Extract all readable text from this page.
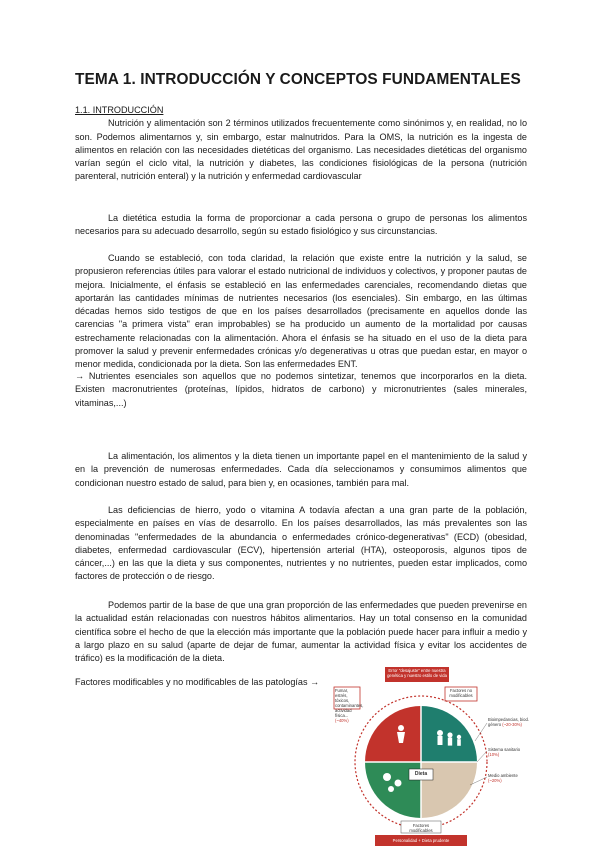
TEMA 1. INTRODUCCIÓN Y CONCEPTOS FUNDAMENTALES
1.1. INTRODUCCIÓN
Nutrición y alimentación son 2 términos utilizados frecuentemente como sinónimos y, en realidad, no lo son. Podemos alimentarnos y, sin embargo, estar malnutridos. Para la OMS, la nutrición es la ingesta de alimentos en relación con las necesidades dietéticas del organismo. Las necesidades dietéticas del organismo varían según el ciclo vital, la nutrición y diabetes, las condiciones fisiológicas de la persona (nutrición parenteral, nutrición enteral) y la nutrición y enfermedad cardiovascular
La dietética estudia la forma de proporcionar a cada persona o grupo de personas los alimentos necesarios para su adecuado desarrollo, según su estado fisiológico y sus circunstancias.
Cuando se estableció, con toda claridad, la relación que existe entre la nutrición y la salud, se propusieron referencias útiles para valorar el estado nutricional de individuos y colectivos, y proponer pautas de mejora. Inicialmente, el énfasis se estableció en las enfermedades carenciales, recomendando dietas que aportarán las cantidades mínimas de nutrientes necesarios (los esenciales). Sin embargo, en las últimas décadas hemos sido testigos de que en los países desarrollados (precisamente en aquellos donde las carencias "a primera vista" eran improbables) se ha producido un aumento de la mortalidad por causas estrechamente relacionadas con la alimentación. Ahora el énfasis se ha situado en el uso de la dieta para promover la salud y prevenir enfermedades crónicas y/o degenerativas u otras que puedan estar, en mayor o menor medida, condicionada por la dieta. Son las enfermedades ENT.
→ Nutrientes esenciales son aquellos que no podemos sintetizar, tenemos que incorporarlos en la dieta. Existen macronutrientes (proteínas, lípidos, hidratos de carbono) y micronutrientes (sales minerales, vitaminas,...)
La alimentación, los alimentos y la dieta tienen un importante papel en el mantenimiento de la salud y en la prevención de numerosas enfermedades. Cada día seleccionamos y consumimos alimentos que condicionan nuestro estado de salud, para bien y, en ocasiones, también para mal.
Las deficiencias de hierro, yodo o vitamina A todavía afectan a una gran parte de la población, especialmente en países en vías de desarrollo. En los países desarrollados, las más prevalentes son las denominadas "enfermedades de la abundancia o enfermedades crónico-degenerativas" (ECD) (obesidad, diabetes, enfermedad cardiovascular (ECV), hipertensión arterial (HTA), osteoporosis, algunos tipos de cáncer,...) en las que la dieta y sus componentes, nutrientes y no nutrientes, pueden estar implicados, como factores de protección o de riesgo.
Podemos partir de la base de que una gran proporción de las enfermedades que pueden prevenirse en la actualidad están relacionadas con nuestros hábitos alimentarios. Hay un total consenso en la comunidad científica sobre el hecho de que la elección más importante que la población puede hacer para influir a medio y a largo plazo en su salud (aparte de dejar de fumar, aumentar la actividad física y evitar los accidentes de tráfico) es la modificación de la dieta.
Factores modificables y no modificables de las patologías →
Error "desajuste" entre nuestra genética y nuestro estilo de vida
Factores no modificables
Fumar, estrés, tóxicos, contaminantes, actividad física... (~40%)	Bioimpedancias, biod. género (~20-30%)
Sistema sanitario (10%)
Medio ambiente (~20%)
Dieta
Factores modificables
Personalidad + Dieta prudente
